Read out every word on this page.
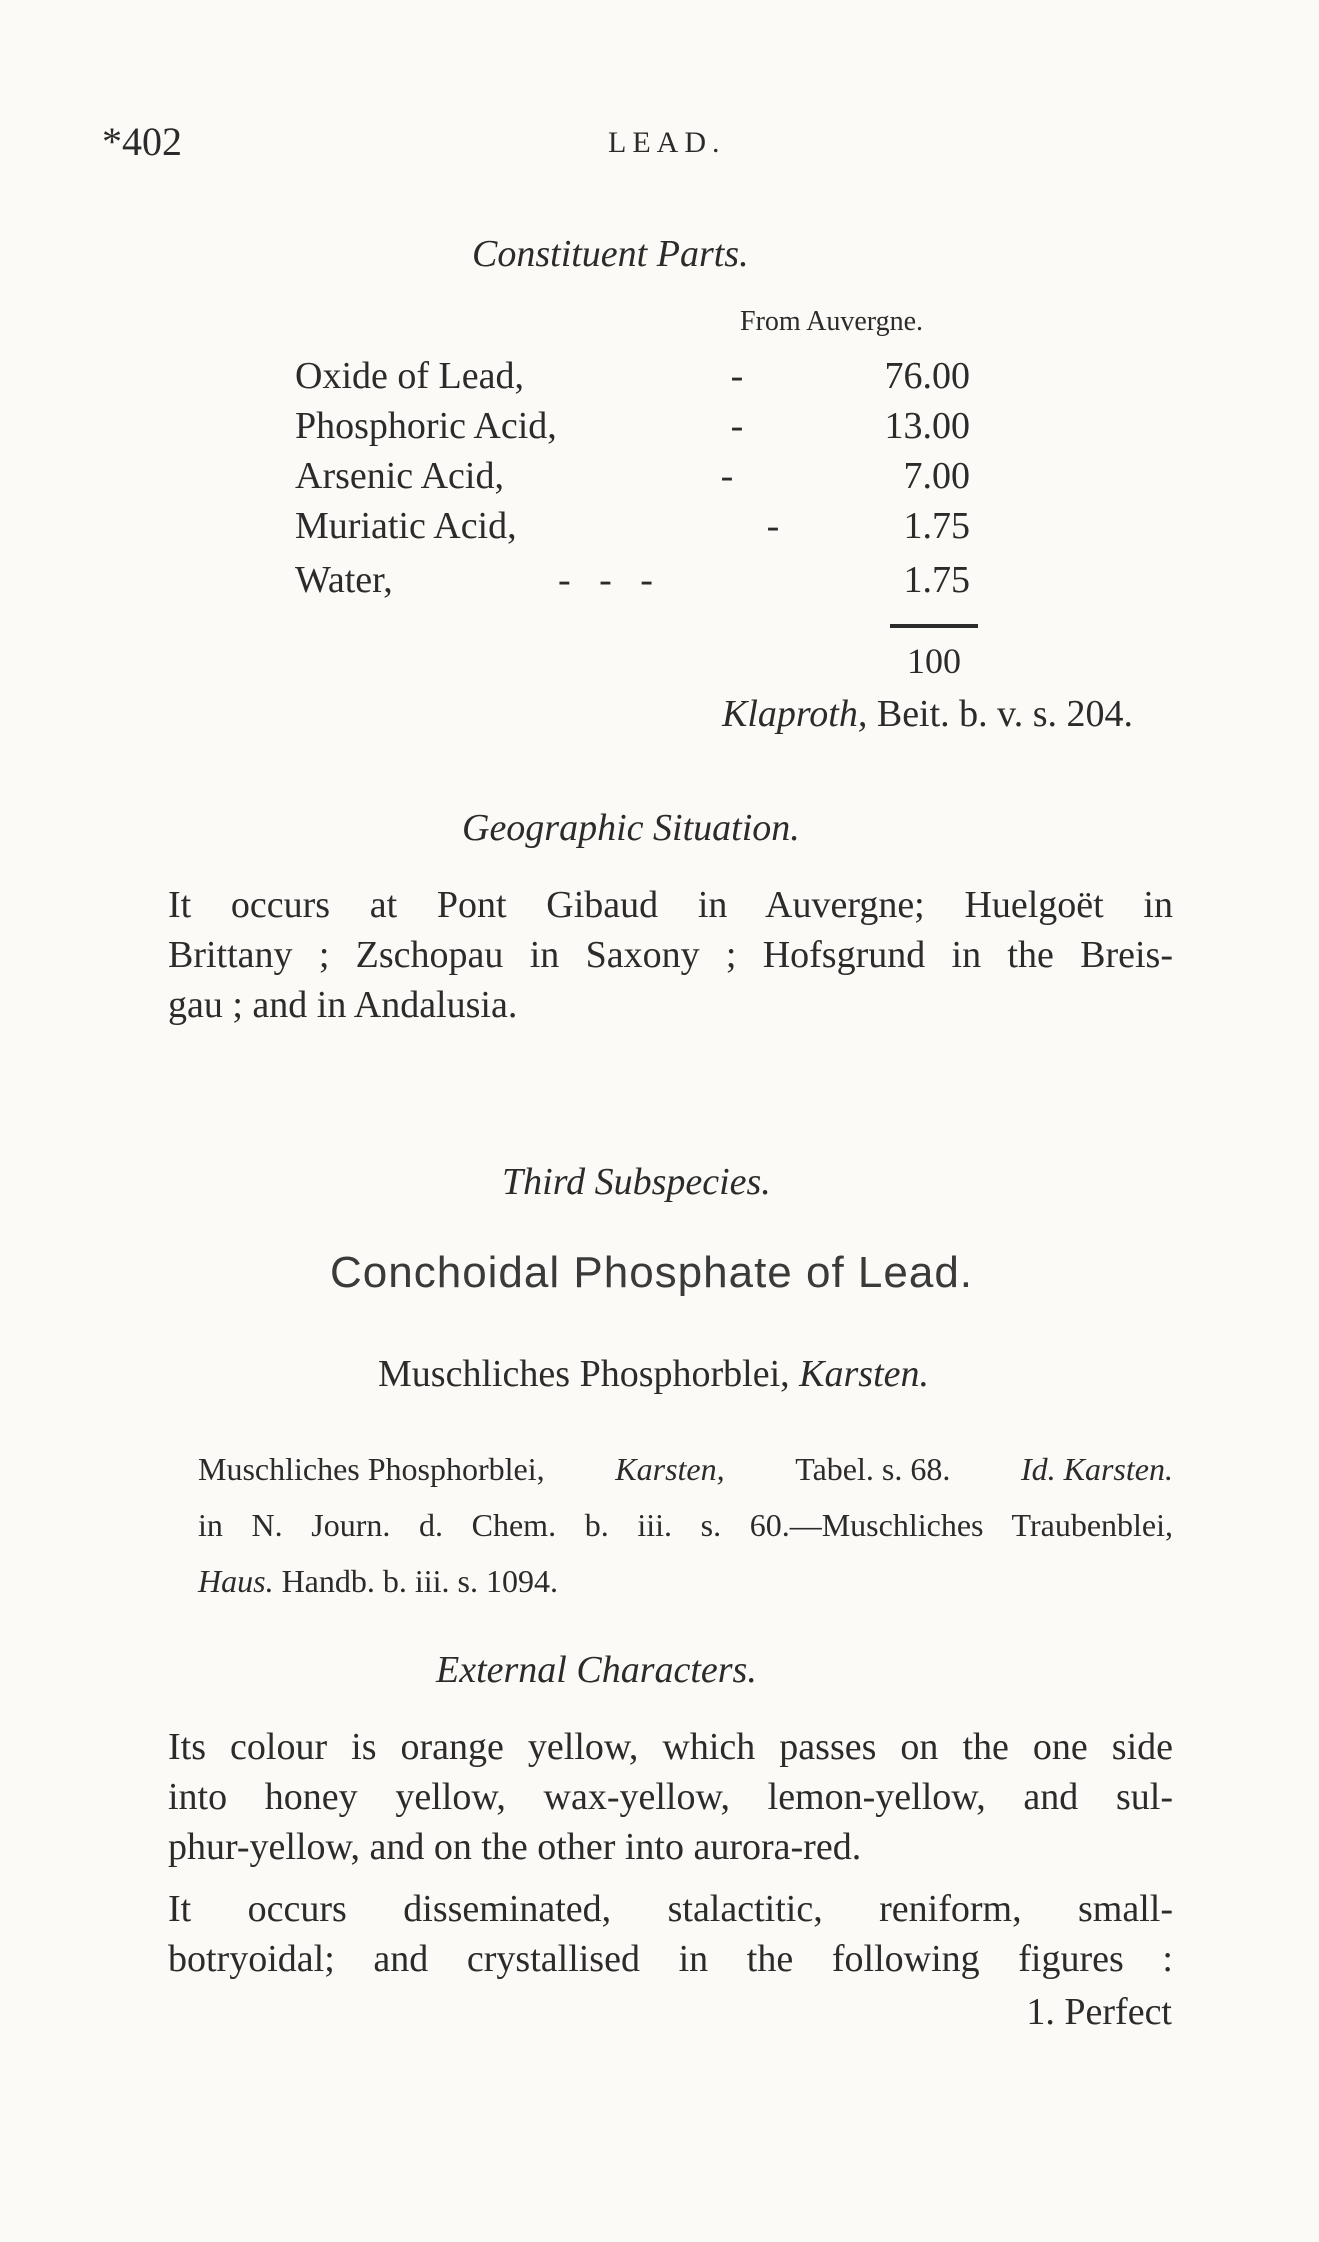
*402	LEAD.
Constituent Parts.
From Auvergne.
Oxide of Lead,	-	76.00
Phosphoric Acid,	-	13.00
Arsenic Acid,	-	7.00
Muriatic Acid,	-	1.75
Water,	-   -   -	1.75
100
Klaproth, Beit. b. v. s. 204.
Geographic Situation.
It occurs at Pont Gibaud in Auvergne; Huelgoët in
Brittany ; Zschopau in Saxony ; Hofsgrund in the Breis-
gau ; and in Andalusia.
Third Subspecies.
Conchoidal Phosphate of Lead.
Muschliches Phosphorblei, Karsten.
Muschliches Phosphorblei, Karsten, Tabel. s. 68. Id. Karsten.
in N. Journ. d. Chem. b. iii. s. 60.—Muschliches Traubenblei,
Haus. Handb. b. iii. s. 1094.
External Characters.
Its colour is orange yellow, which passes on the one side
into honey yellow, wax-yellow, lemon-yellow, and sul-
phur-yellow, and on the other into aurora-red.
It occurs disseminated, stalactitic, reniform, small-
botryoidal; and crystallised in the following figures :
1. Perfect
